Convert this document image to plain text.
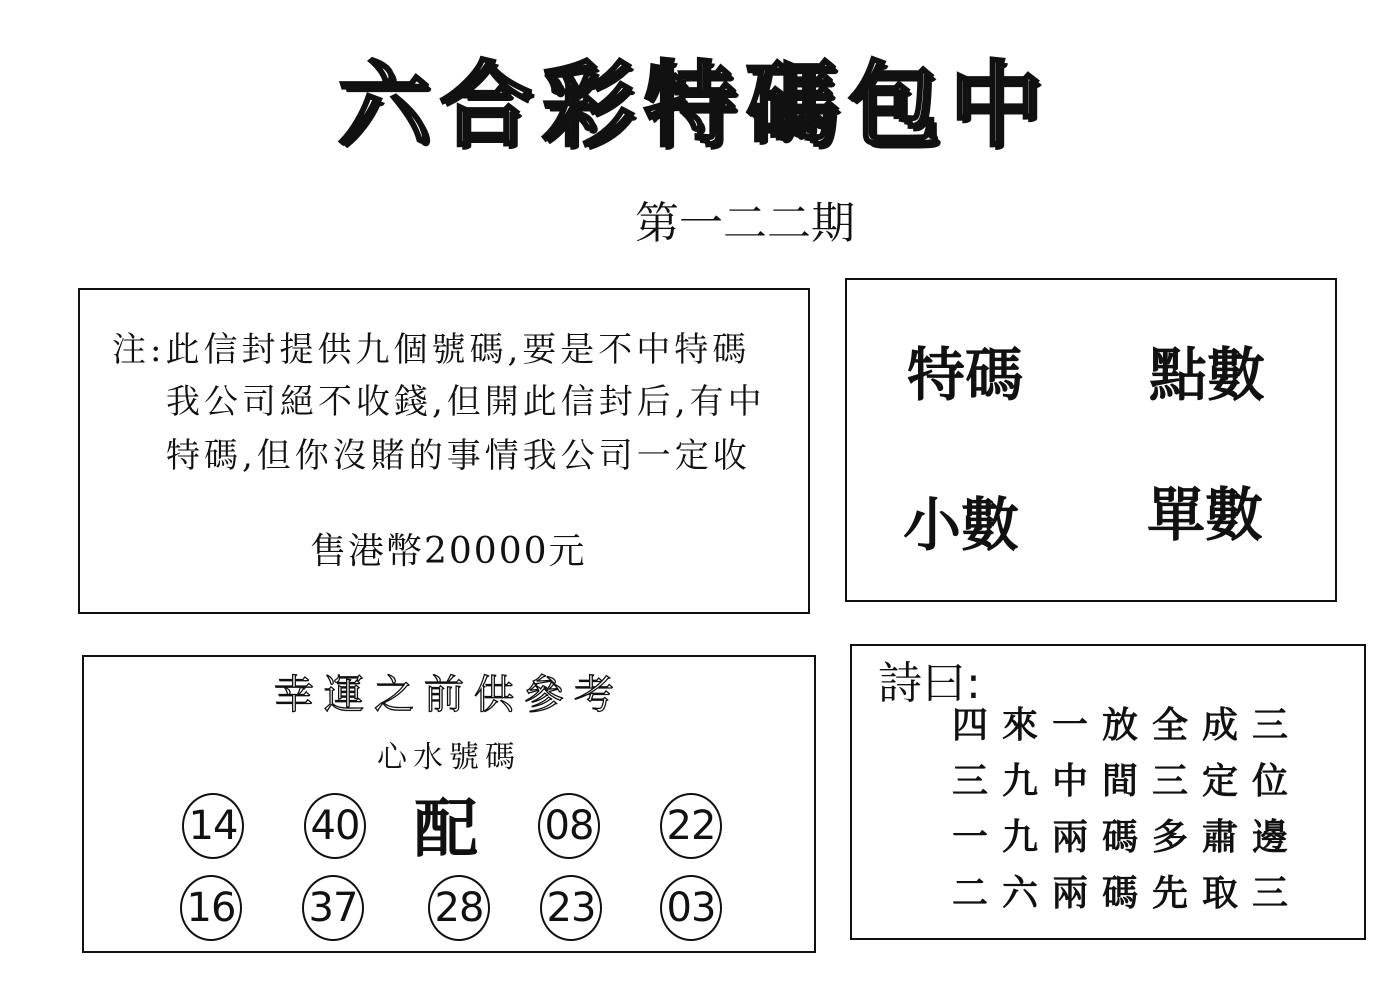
六合彩特碼包中
第一二二期
注:此信封提供九個號碼,要是不中特碼
我公司絕不收錢,但開此信封后,有中
特碼,但你沒賭的事情我公司一定收
售港幣20000元
特碼 點數
小數 單數
幸運之前供參考
心水號碼
14 40 配 08 22
16 37 28 23 03
詩曰:
四來一放全成三
三九中間三定位
一九兩碼多肅邊
二六兩碼先取三
